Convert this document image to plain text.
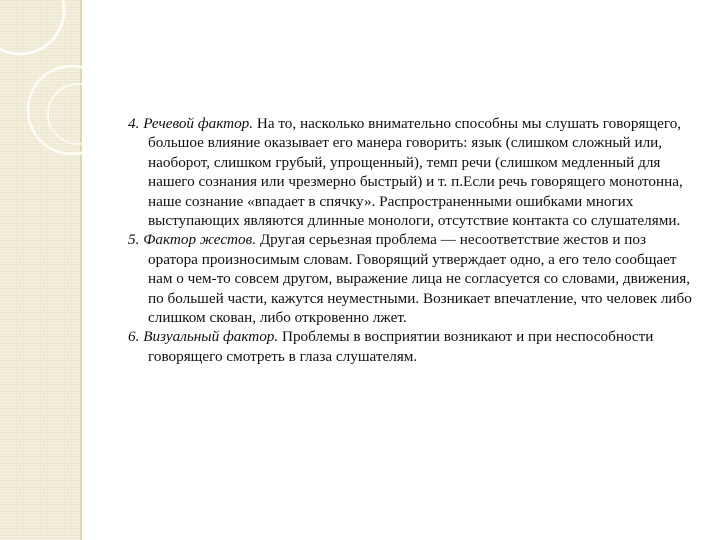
4. Речевой фактор. На то, насколько внимательно способны мы слушать говорящего, большое влияние оказывает его манера говорить: язык (слишком сложный или, наоборот, слишком грубый, упрощенный), темп речи (слишком медленный для нашего сознания или чрезмерно быстрый) и т. п.Если речь говорящего монотонна, наше сознание «впадает в спячку». Распространенными ошибками многих выступающих являются длинные монологи, отсутствие контакта со слушателями.

5. Фактор жестов. Другая серьезная проблема — несоответствие жестов и поз оратора произносимым словам. Говорящий утверждает одно, а его тело сообщает нам о чем-то совсем другом, выражение лица не согласуется со словами, движения, по большей части, кажутся неуместными. Возникает впечатление, что человек либо слишком скован, либо откровенно лжет.

6. Визуальный фактор. Проблемы в восприятии возникают и при неспособности говорящего смотреть в глаза слушателям.
